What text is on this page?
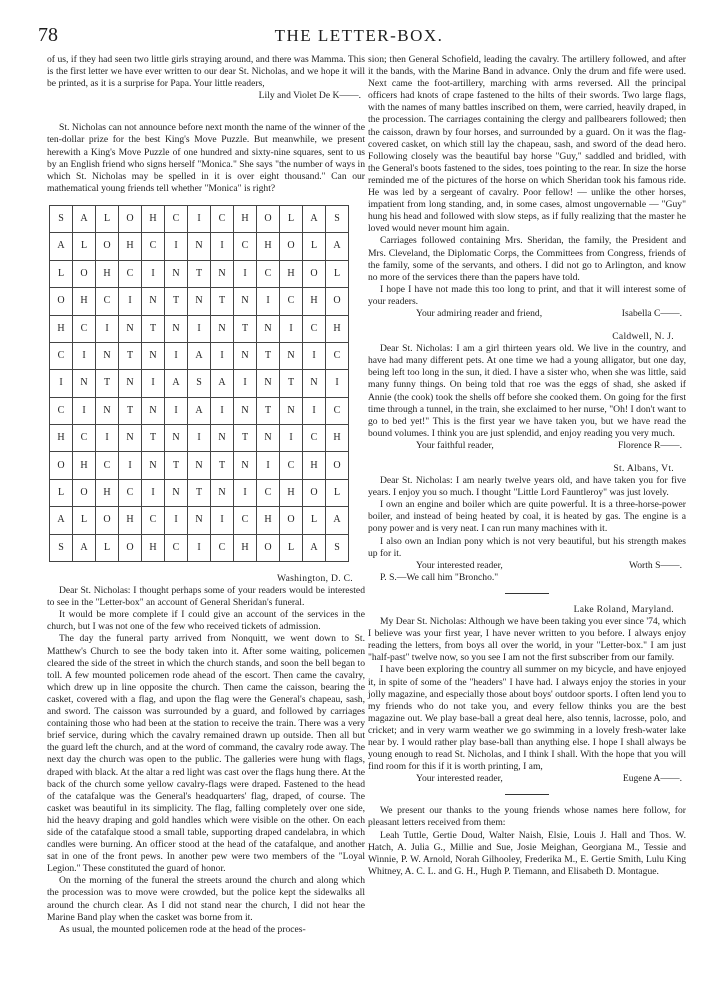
78	THE LETTER-BOX.

of us, if they had seen two little girls straying around, and there was Mamma. This is the first letter we have ever written to our dear St. Nicholas, and we hope it will be printed, as it is a surprise for Papa. Your little readers,

Lily and Violet De K——.

St. Nicholas can not announce before next month the name of the winner of the ten-dollar prize for the best King's Move Puzzle. But meanwhile, we present herewith a King's Move Puzzle of one hundred and sixty-nine squares, sent to us by an English friend who signs herself "Monica." She says "the number of ways in which St. Nicholas may be spelled in it is over eight thousand." Can our mathematical young friends tell whether "Monica" is right?

S	A	L	O	H	C	I	C	H	O	L	A	S
A	L	O	H	C	I	N	I	C	H	O	L	A
L	O	H	C	I	N	T	N	I	C	H	O	L
O	H	C	I	N	T	N	T	N	I	C	H	O
H	C	I	N	T	N	I	N	T	N	I	C	H
C	I	N	T	N	I	A	I	N	T	N	I	C
I	N	T	N	I	A	S	A	I	N	T	N	I
C	I	N	T	N	I	A	I	N	T	N	I	C
H	C	I	N	T	N	I	N	T	N	I	C	H
O	H	C	I	N	T	N	T	N	I	C	H	O
L	O	H	C	I	N	T	N	I	C	H	O	L
A	L	O	H	C	I	N	I	C	H	O	L	A
S	A	L	O	H	C	I	C	H	O	L	A	S
Washington, D. C.

Dear St. Nicholas: I thought perhaps some of your readers would be interested to see in the "Letter-box" an account of General Sheridan's funeral.

It would be more complete if I could give an account of the services in the church, but I was not one of the few who received tickets of admission.

The day the funeral party arrived from Nonquitt, we went down to St. Matthew's Church to see the body taken into it. After some waiting, policemen cleared the side of the street in which the church stands, and soon the bell began to toll. A few mounted policemen rode ahead of the escort. Then came the cavalry, which drew up in line opposite the church. Then came the caisson, bearing the casket, covered with a flag, and upon the flag were the General's chapeau, sash, and sword. The caisson was surrounded by a guard, and followed by carriages containing those who had been at the station to receive the train. There was a very brief service, during which the cavalry remained drawn up outside. Then all but the guard left the church, and at the word of command, the cavalry rode away. The next day the church was open to the public. The galleries were hung with flags, draped with black. At the altar a red light was cast over the flags hung there. At the back of the church some yellow cavalry-flags were draped. Fastened to the head of the catafalque was the General's headquarters' flag, draped, of course. The casket was beautiful in its simplicity. The flag, falling completely over one side, hid the heavy draping and gold handles which were visible on the other. On each side of the catafalque stood a small table, supporting draped candelabra, in which candles were burning. An officer stood at the head of the catafalque, and another sat in one of the front pews. In another pew were two members of the "Loyal Legion." These constituted the guard of honor.

On the morning of the funeral the streets around the church and along which the procession was to move were crowded, but the police kept the sidewalks all around the church clear. As I did not stand near the church, I did not hear the Marine Band play when the casket was borne from it.

As usual, the mounted policemen rode at the head of the proces-

sion; then General Schofield, leading the cavalry. The artillery followed, and after it the bands, with the Marine Band in advance. Only the drum and fife were used. Next came the foot-artillery, marching with arms reversed. All the principal officers had knots of crape fastened to the hilts of their swords. Two large flags, with the names of many battles inscribed on them, were carried, heavily draped, in the procession. The carriages containing the clergy and pallbearers followed; then the caisson, drawn by four horses, and surrounded by a guard. On it was the flag-covered casket, on which still lay the chapeau, sash, and sword of the dead hero. Following closely was the beautiful bay horse "Guy," saddled and bridled, with the General's boots fastened to the sides, toes pointing to the rear. In size the horse reminded me of the pictures of the horse on which Sheridan took his famous ride. He was led by a sergeant of cavalry. Poor fellow! — unlike the other horses, impatient from long standing, and, in some cases, almost ungovernable — "Guy" hung his head and followed with slow steps, as if fully realizing that the master he loved would never mount him again.

Carriages followed containing Mrs. Sheridan, the family, the President and Mrs. Cleveland, the Diplomatic Corps, the Committees from Congress, friends of the family, some of the servants, and others. I did not go to Arlington, and know no more of the services there than the papers have told.

I hope I have not made this too long to print, and that it will interest some of your readers.

Your admiring reader and friend,	Isabella C——.
Caldwell, N. J.

Dear St. Nicholas: I am a girl thirteen years old. We live in the country, and have had many different pets. At one time we had a young alligator, but one day, being left too long in the sun, it died. I have a sister who, when she was little, said many funny things. On being told that roe was the eggs of shad, she asked if Annie (the cook) took the shells off before she cooked them. On going for the first time through a tunnel, in the train, she exclaimed to her nurse, "Oh! I don't want to go to bed yet!" This is the first year we have taken you, but we have read the bound volumes. I think you are just splendid, and enjoy reading you very much.

Your faithful reader,	Florence R——.
St. Albans, Vt.

Dear St. Nicholas: I am nearly twelve years old, and have taken you for five years. I enjoy you so much. I thought "Little Lord Fauntleroy" was just lovely.

I own an engine and boiler which are quite powerful. It is a three-horse-power boiler, and instead of being heated by coal, it is heated by gas. The engine is a pony power and is very neat. I can run many machines with it.

I also own an Indian pony which is not very beautiful, but his strength makes up for it.

Your interested reader,	Worth S——.

P. S.—We call him "Broncho."

Lake Roland, Maryland.

My Dear St. Nicholas: Although we have been taking you ever since '74, which I believe was your first year, I have never written to you before. I always enjoy reading the letters, from boys all over the world, in your "Letter-box." I am just "half-past" twelve now, so you see I am not the first subscriber from our family.

I have been exploring the country all summer on my bicycle, and have enjoyed it, in spite of some of the "headers" I have had. I always enjoy the stories in your jolly magazine, and especially those about boys' outdoor sports. I often lend you to my friends who do not take you, and every fellow thinks you are the best magazine out. We play base-ball a great deal here, also tennis, lacrosse, polo, and cricket; and in very warm weather we go swimming in a lovely fresh-water lake near by. I would rather play base-ball than anything else. I hope I shall always be young enough to read St. Nicholas, and I think I shall. With the hope that you will find room for this if it is worth printing, I am,

Your interested reader,	Eugene A——.

We present our thanks to the young friends whose names here follow, for pleasant letters received from them:

Leah Tuttle, Gertie Doud, Walter Naish, Elsie, Louis J. Hall and Thos. W. Hatch, A. Julia G., Millie and Sue, Josie Meighan, Georgiana M., Tessie and Winnie, P. W. Arnold, Norah Gilhooley, Frederika M., E. Gertie Smith, Lulu King Whitney, A. C. L. and G. H., Hugh P. Tiemann, and Elisabeth D. Montague.
